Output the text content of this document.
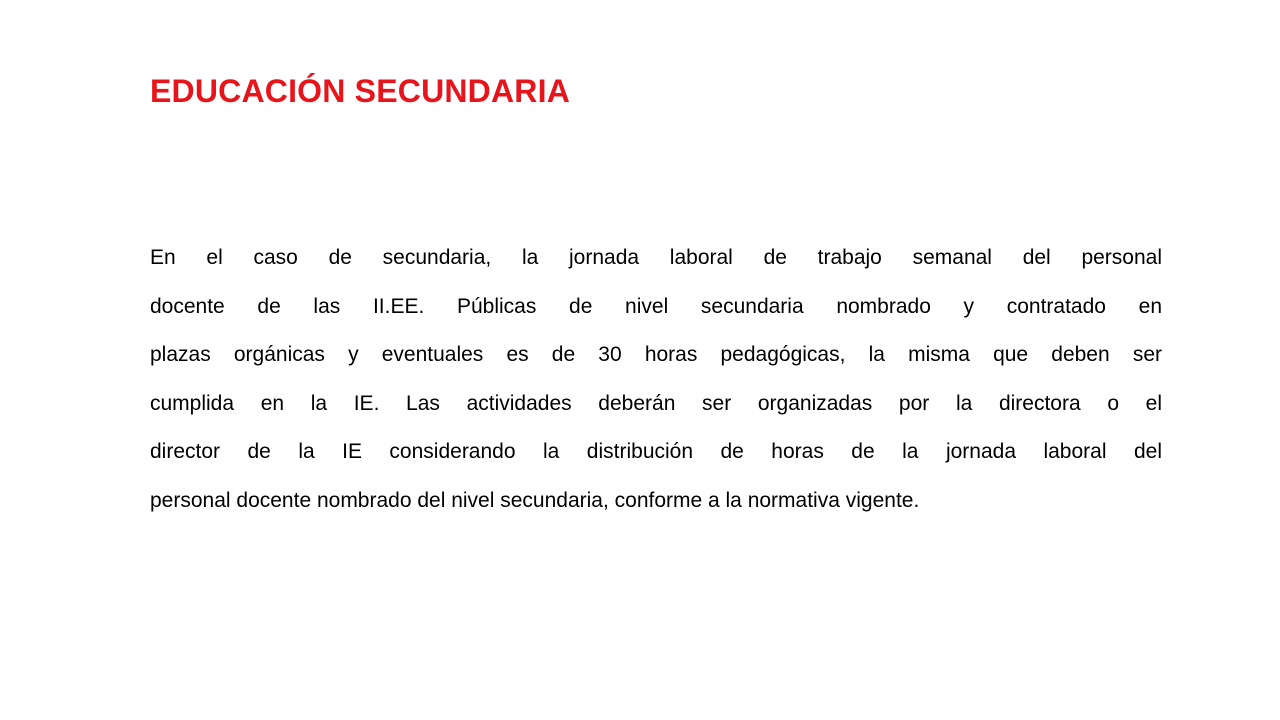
EDUCACIÓN SECUNDARIA

En el caso de secundaria, la jornada laboral de trabajo semanal del personal
docente de las II.EE. Públicas de nivel secundaria nombrado y contratado en
plazas orgánicas y eventuales es de 30 horas pedagógicas, la misma que deben ser
cumplida en la IE. Las actividades deberán ser organizadas por la directora o el
director de la IE considerando la distribución de horas de la jornada laboral del
personal docente nombrado del nivel secundaria, conforme a la normativa vigente.
